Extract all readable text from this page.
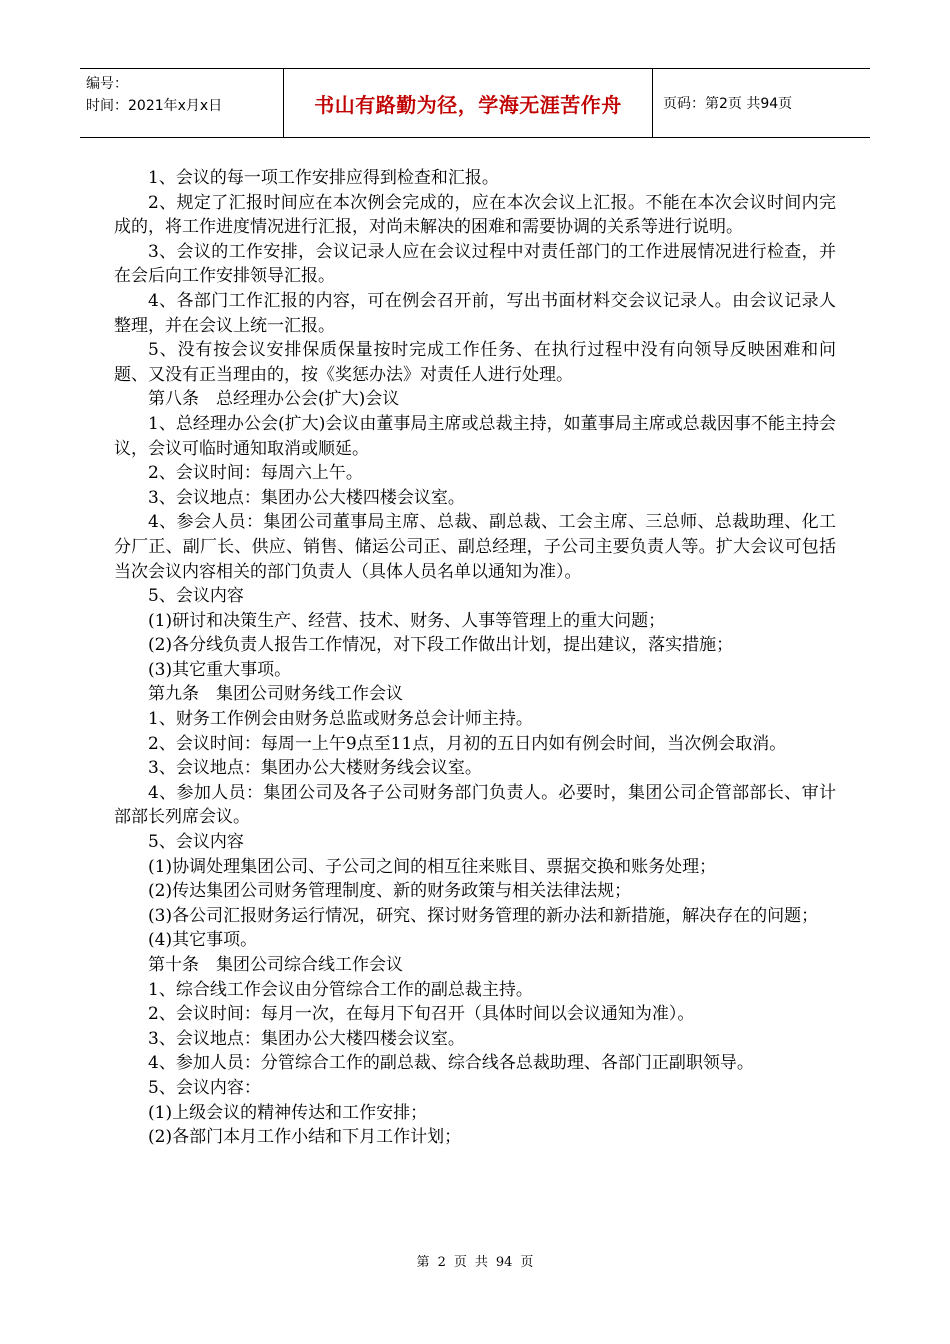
编号：
时间：2021年x月x日	书山有路勤为径，学海无涯苦作舟	页码：第2页 共94页

1、会议的每一项工作安排应得到检查和汇报。

2、规定了汇报时间应在本次例会完成的，应在本次会议上汇报。不能在本次会议时间内完成的，将工作进度情况进行汇报，对尚未解决的困难和需要协调的关系等进行说明。

3、会议的工作安排，会议记录人应在会议过程中对责任部门的工作进展情况进行检查，并在会后向工作安排领导汇报。

4、各部门工作汇报的内容，可在例会召开前，写出书面材料交会议记录人。由会议记录人整理，并在会议上统一汇报。

5、没有按会议安排保质保量按时完成工作任务、在执行过程中没有向领导反映困难和问题、又没有正当理由的，按《奖惩办法》对责任人进行处理。

第八条　总经理办公会(扩大)会议

1、总经理办公会(扩大)会议由董事局主席或总裁主持，如董事局主席或总裁因事不能主持会议，会议可临时通知取消或顺延。

2、会议时间：每周六上午。

3、会议地点：集团办公大楼四楼会议室。

4、参会人员：集团公司董事局主席、总裁、副总裁、工会主席、三总师、总裁助理、化工分厂正、副厂长、供应、销售、储运公司正、副总经理，子公司主要负责人等。扩大会议可包括当次会议内容相关的部门负责人（具体人员名单以通知为准）。

5、会议内容

(1)研讨和决策生产、经营、技术、财务、人事等管理上的重大问题；

(2)各分线负责人报告工作情况，对下段工作做出计划，提出建议，落实措施；

(3)其它重大事项。

第九条　集团公司财务线工作会议

1、财务工作例会由财务总监或财务总会计师主持。

2、会议时间：每周一上午9点至11点，月初的五日内如有例会时间，当次例会取消。

3、会议地点：集团办公大楼财务线会议室。

4、参加人员：集团公司及各子公司财务部门负责人。必要时，集团公司企管部部长、审计部部长列席会议。

5、会议内容

(1)协调处理集团公司、子公司之间的相互往来账目、票据交换和账务处理；

(2)传达集团公司财务管理制度、新的财务政策与相关法律法规；

(3)各公司汇报财务运行情况，研究、探讨财务管理的新办法和新措施，解决存在的问题；

(4)其它事项。

第十条　集团公司综合线工作会议

1、综合线工作会议由分管综合工作的副总裁主持。

2、会议时间：每月一次，在每月下旬召开（具体时间以会议通知为准）。

3、会议地点：集团办公大楼四楼会议室。

4、参加人员：分管综合工作的副总裁、综合线各总裁助理、各部门正副职领导。

5、会议内容：

(1)上级会议的精神传达和工作安排；

(2)各部门本月工作小结和下月工作计划；

第 2 页 共 94 页
